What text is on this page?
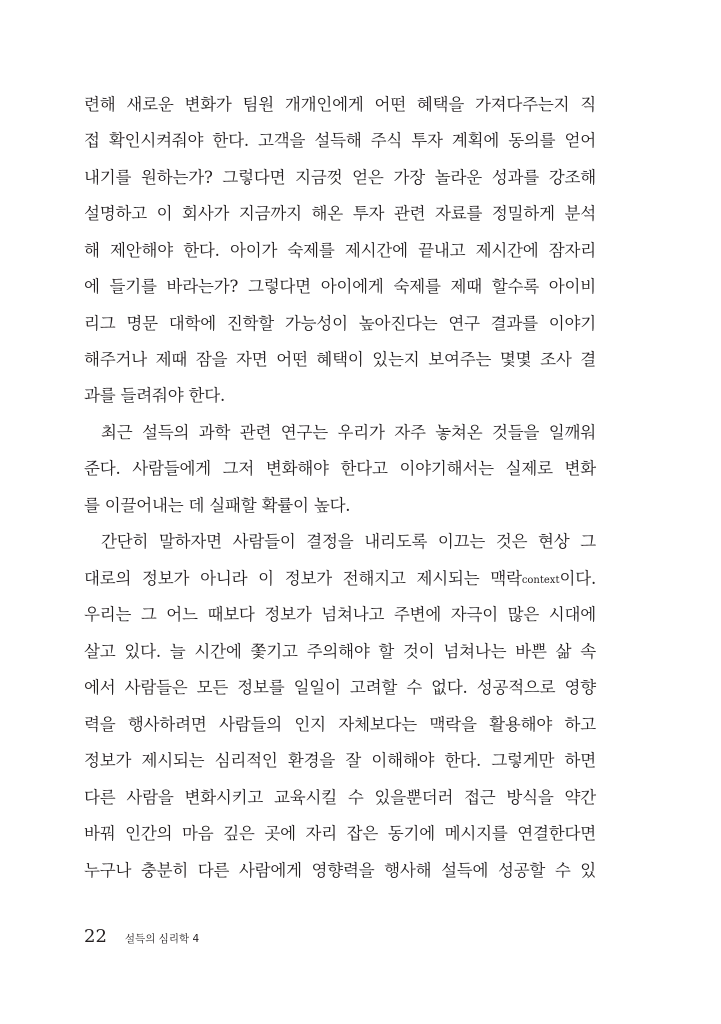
련해 새로운 변화가 팀원 개개인에게 어떤 혜택을 가져다주는지 직
접 확인시켜줘야 한다. 고객을 설득해 주식 투자 계획에 동의를 얻어
내기를 원하는가? 그렇다면 지금껏 얻은 가장 놀라운 성과를 강조해
설명하고 이 회사가 지금까지 해온 투자 관련 자료를 정밀하게 분석
해 제안해야 한다. 아이가 숙제를 제시간에 끝내고 제시간에 잠자리
에 들기를 바라는가? 그렇다면 아이에게 숙제를 제때 할수록 아이비
리그 명문 대학에 진학할 가능성이 높아진다는 연구 결과를 이야기
해주거나 제때 잠을 자면 어떤 혜택이 있는지 보여주는 몇몇 조사 결
과를 들려줘야 한다.
최근 설득의 과학 관련 연구는 우리가 자주 놓쳐온 것들을 일깨워
준다. 사람들에게 그저 변화해야 한다고 이야기해서는 실제로 변화
를 이끌어내는 데 실패할 확률이 높다.
간단히 말하자면 사람들이 결정을 내리도록 이끄는 것은 현상 그
대로의 정보가 아니라 이 정보가 전해지고 제시되는 맥락context이다.
우리는 그 어느 때보다 정보가 넘쳐나고 주변에 자극이 많은 시대에
살고 있다. 늘 시간에 쫓기고 주의해야 할 것이 넘쳐나는 바쁜 삶 속
에서 사람들은 모든 정보를 일일이 고려할 수 없다. 성공적으로 영향
력을 행사하려면 사람들의 인지 자체보다는 맥락을 활용해야 하고
정보가 제시되는 심리적인 환경을 잘 이해해야 한다. 그렇게만 하면
다른 사람을 변화시키고 교육시킬 수 있을뿐더러 접근 방식을 약간
바꿔 인간의 마음 깊은 곳에 자리 잡은 동기에 메시지를 연결한다면
누구나 충분히 다른 사람에게 영향력을 행사해 설득에 성공할 수 있
22 설득의 심리학 4
